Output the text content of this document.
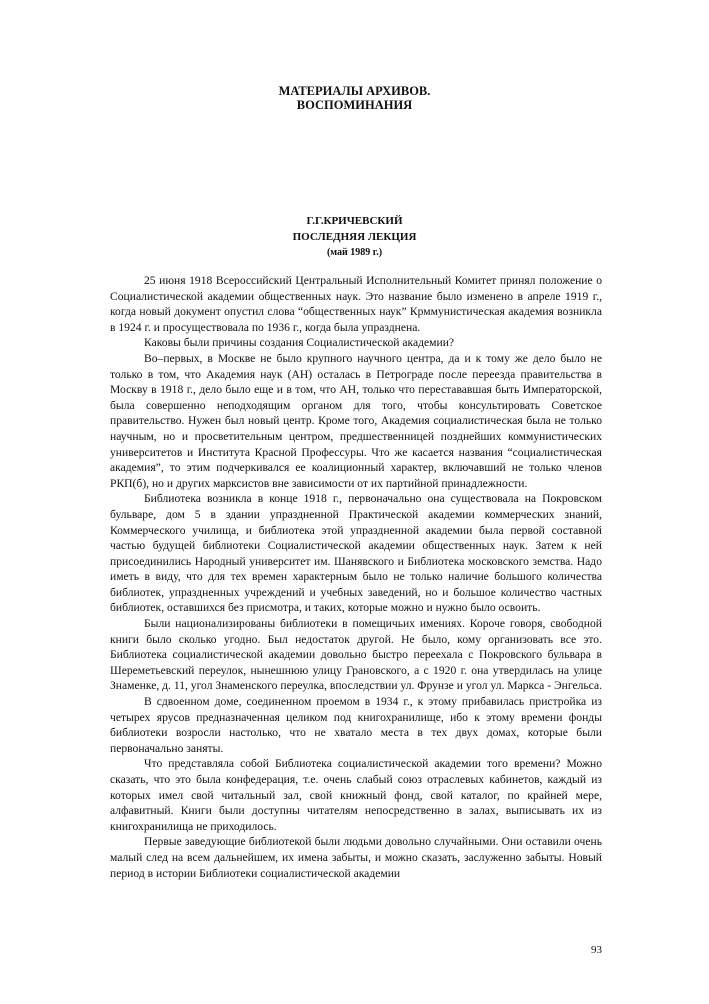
МАТЕРИАЛЫ АРХИВОВ.
ВОСПОМИНАНИЯ
Г.Г.КРИЧЕВСКИЙ
ПОСЛЕДНЯЯ ЛЕКЦИЯ
(май 1989 г.)

25 июня 1918 Всероссийский Центральный Исполнительный Комитет принял положение о Социалистической академии общественных наук. Это название было изменено в апреле 1919 г., когда новый документ опустил слова “общественных наук” Крммунистическая академия возникла в 1924 г. и просуществовала по 1936 г., когда была упразднена.

Каковы были причины создания Социалистической академии?

Во–первых, в Москве не было крупного научного центра, да и к тому же дело было не только в том, что Академия наук (АН) осталась в Петрограде после переезда правительства в Москву в 1918 г., дело было еще и в том, что АН, только что перестававшая быть Императорской, была совершенно неподходящим органом для того, чтобы консультировать Советское правительство. Нужен был новый центр. Кроме того, Академия социалистическая была не только научным, но и просветительным центром, предшественницей позднейших коммунистических университетов и Института Красной Профессуры. Что же касается названия “социалистическая академия”, то этим подчеркивался ее коалиционный характер, включавший не только членов РКП(б), но и других марксистов вне зависимости от их партийной принадлежности.

Библиотека возникла в конце 1918 г., первоначально она существовала на Покровском бульваре, дом 5 в здании упраздненной Практической академии коммерческих знаний, Коммерческого училища, и библиотека этой упраздненной академии была первой составной частью будущей библиотеки Социалистической академии общественных наук. Затем к ней присоединились Народный университет им. Шанявского и Библиотека московского земства. Надо иметь в виду, что для тех времен характерным было не только наличие большого количества библиотек, упраздненных учреждений и учебных заведений, но и большое количество частных библиотек, оставшихся без присмотра, и таких, которые можно и нужно было освоить.

Были национализированы библиотеки в помещичьих имениях. Короче говоря, свободной книги было сколько угодно. Был недостаток другой. Не было, кому организовать все это. Библиотека социалистической академии довольно быстро переехала с Покровского бульвара в Шереметьевский переулок, нынешнюю улицу Грановского, а с 1920 г. она утвердилась на улице Знаменке, д. 11, угол Знаменского переулка, впоследствии ул. Фрунзе и угол ул. Маркса - Энгельса.

В сдвоенном доме, соединенном проемом в 1934 г., к этому прибавилась пристройка из четырех ярусов предназначенная целиком под книгохранилище, ибо к этому времени фонды библиотеки возросли настолько, что не хватало места в тех двух домах, которые были первоначально заняты.

Что представляла собой Библиотека социалистической академии того времени? Можно сказать, что это была конфедерация, т.е. очень слабый союз отраслевых кабинетов, каждый из которых имел свой читальный зал, свой книжный фонд, свой каталог, по крайней мере, алфавитный. Книги были доступны читателям непосредственно в залах, выписывать их из книгохранилища не приходилось.

Первые заведующие библиотекой были людьми довольно случайными. Они оставили очень малый след на всем дальнейшем, их имена забыты, и можно сказать, заслуженно забыты. Новый период в истории Библиотеки социалистической академии

93
